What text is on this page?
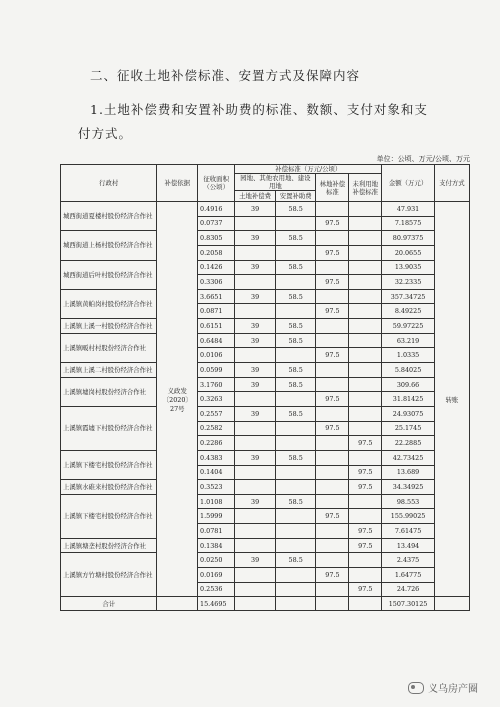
二、征收土地补偿标准、安置方式及保障内容
1.土地补偿费和安置补助费的标准、数额、支付对象和支付方式。
单位：公顷、万元/公顷、万元
行政村	补偿依据	征收面积（公顷）	补偿标准（万元/公顷）				金额（万元）	支付方式
			园地、其他农用地、建设用地		林地补偿标准	未利用地补偿标准		
			土地补偿费	安置补助费				
城西街道夏楼村股份经济合作社	义政发〔2020〕27号	0.4916	39	58.5			47.931	转账
		0.0737			97.5		7.18575	
城西街道上杨村股份经济合作社		0.8305	39	58.5			80.97375	
		0.2058			97.5		20.0655	
城西街道后叶村股份经济合作社		0.1426	39	58.5			13.9035	
		0.3306			97.5		32.2335	
上溪镇黄帕岗村股份经济合作社		3.6651	39	58.5			357.34725	
		0.0871			97.5		8.49225	
上溪镇上溪一村股份经济合作社		0.6151	39	58.5			59.97225	
上溪镇畈村村股份经济合作社		0.6484	39	58.5			63.219	
		0.0106			97.5		1.0335	
上溪镇上溪二村股份经济合作社		0.0599	39	58.5			5.84025	
上溪镇墟岗村股份经济合作社		3.1760	39	58.5			309.66	
		0.3263			97.5		31.81425	
上溪镇霞墟下村股份经济合作社		0.2557	39	58.5			24.93075	
		0.2582			97.5		25.1745	
		0.2286				97.5	22.2885	
上溪镇下楼宅村股份经济合作社		0.4383	39	58.5			42.73425	
		0.1404				97.5	13.689	
上溪镇水碓来村股份经济合作社		0.3523				97.5	34.34925	
上溪镇下楼宅村股份经济合作社		1.0108	39	58.5			98.553	
		1.5999			97.5		155.99025	
		0.0781				97.5	7.61475	
上溪镇塘垄村股份经济合作社		0.1384				97.5	13.494	
上溪镇方竹塘村股份经济合作社		0.0250	39	58.5			2.4375	
		0.0169			97.5		1.64775	
		0.2536				97.5	24.726	
合计		15.4695					1507.30125	
义乌房产圈
